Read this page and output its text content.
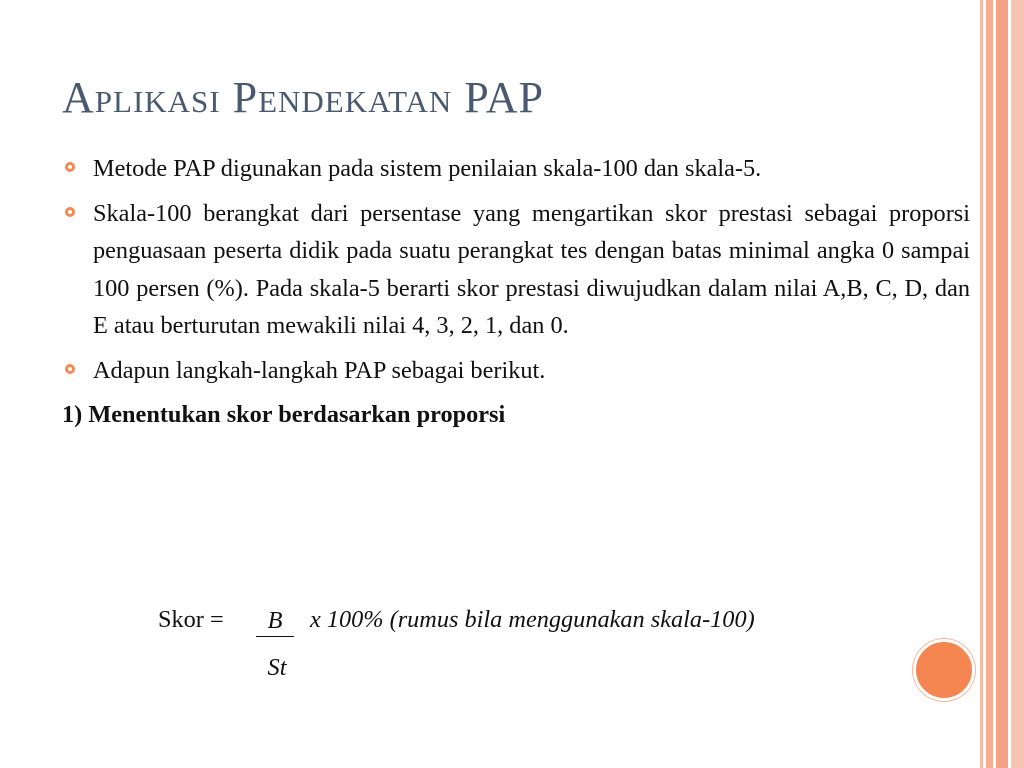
Aplikasi Pendekatan PAP
Metode PAP digunakan pada sistem penilaian skala-100 dan skala-5.
Skala-100 berangkat dari persentase yang mengartikan skor prestasi sebagai proporsi penguasaan peserta didik pada suatu perangkat tes dengan batas minimal angka 0 sampai 100 persen (%). Pada skala-5 berarti skor prestasi diwujudkan dalam nilai A,B, C, D, dan E atau berturutan mewakili nilai 4, 3, 2, 1, dan 0.
Adapun langkah-langkah PAP sebagai berikut.
1) Menentukan skor berdasarkan proporsi
Skor =	B
St
x 100% (rumus bila menggunakan skala-100)
